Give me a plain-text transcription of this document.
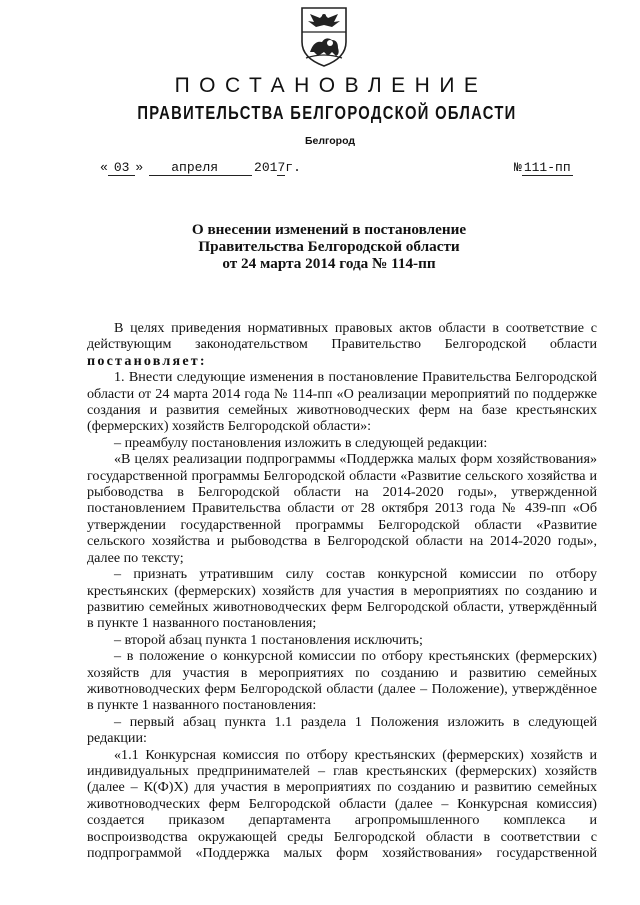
ПОСТАНОВЛЕНИЕ
ПРАВИТЕЛЬСТВА БЕЛГОРОДСКОЙ ОБЛАСТИ
Белгород
« 03 » апреля	2017г.	№ 111-пп
О внесении изменений в постановление
Правительства Белгородской области
от 24 марта 2014 года № 114-пп

В целях приведения нормативных правовых актов области в соответствие с действующим законодательством Правительство Белгородской области постановляет:

1. Внести следующие изменения в постановление Правительства Белгородской области от 24 марта 2014 года № 114-пп «О реализации мероприятий по поддержке создания и развития семейных животноводческих ферм на базе крестьянских (фермерских) хозяйств Белгородской области»:

– преамбулу постановления изложить в следующей редакции:

«В целях реализации подпрограммы «Поддержка малых форм хозяйствования» государственной программы Белгородской области «Развитие сельского хозяйства и рыбоводства в Белгородской области на 2014-2020 годы», утвержденной постановлением Правительства области от 28 октября 2013 года № 439-пп «Об утверждении государственной программы Белгородской области «Развитие сельского хозяйства и рыбоводства в Белгородской области на 2014-2020 годы», далее по тексту;

– признать утратившим силу состав конкурсной комиссии по отбору крестьянских (фермерских) хозяйств для участия в мероприятиях по созданию и развитию семейных животноводческих ферм Белгородской области, утверждённый в пункте 1 названного постановления;

– второй абзац пункта 1 постановления исключить;

– в положение о конкурсной комиссии по отбору крестьянских (фермерских) хозяйств для участия в мероприятиях по созданию и развитию семейных животноводческих ферм Белгородской области (далее – Положение), утверждённое в пункте 1 названного постановления:

– первый абзац пункта 1.1 раздела 1 Положения изложить в следующей редакции:

«1.1 Конкурсная комиссия по отбору крестьянских (фермерских) хозяйств и индивидуальных предпринимателей – глав крестьянских (фермерских) хозяйств (далее – К(Ф)Х) для участия в мероприятиях по созданию и развитию семейных животноводческих ферм Белгородской области (далее – Конкурсная комиссия) создается приказом департамента агропромышленного комплекса и воспроизводства окружающей среды Белгородской области в соответствии с подпрограммой «Поддержка малых форм хозяйствования» государственной
